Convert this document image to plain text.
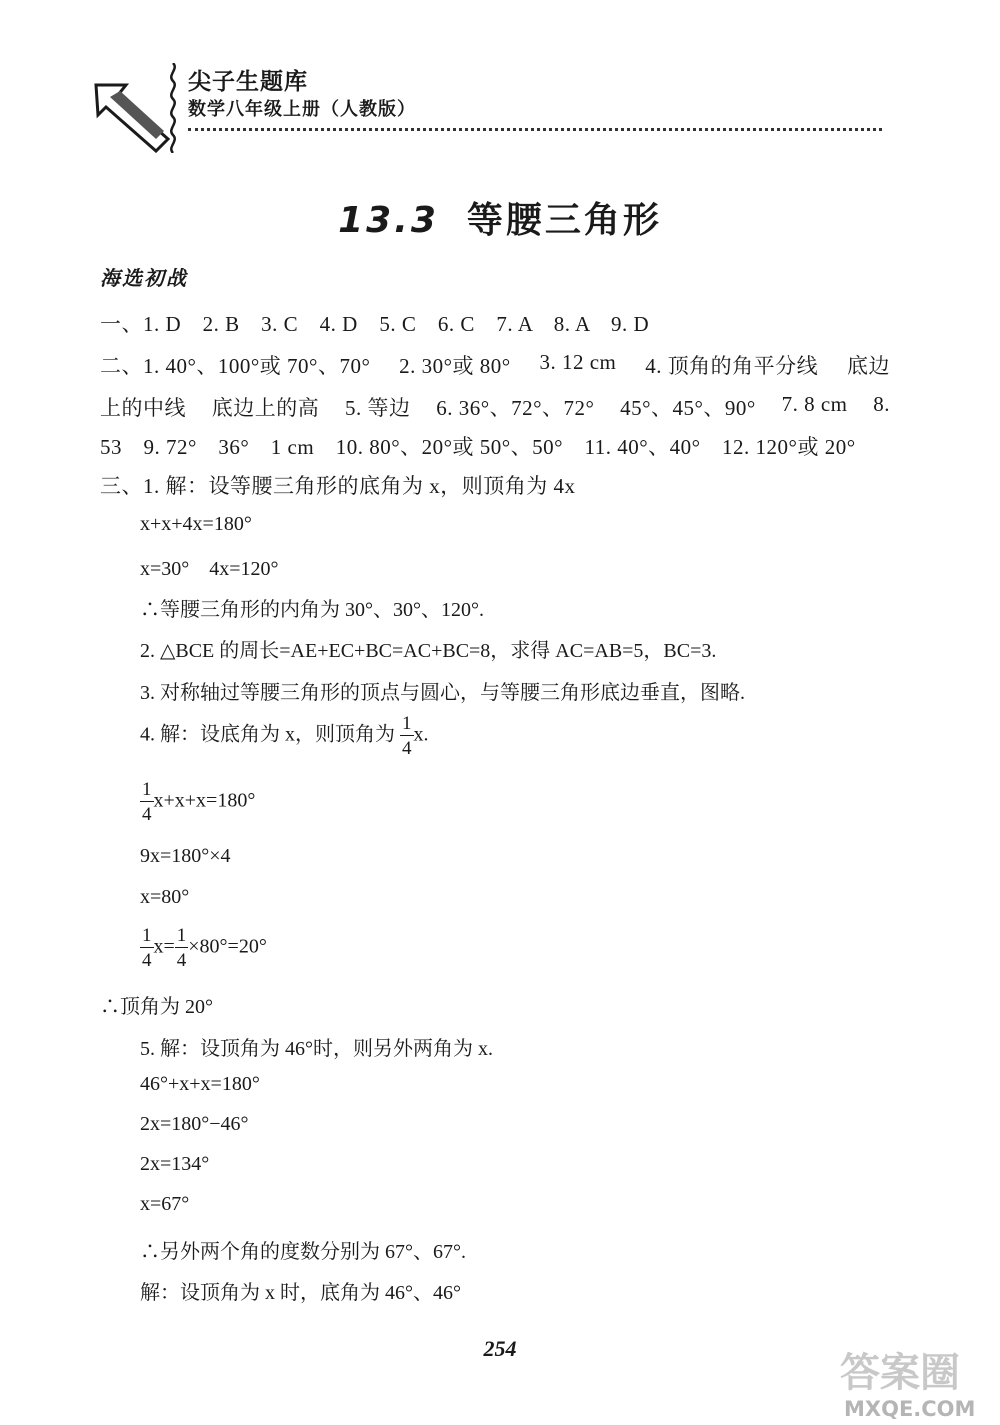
尖子生题库
数学八年级上册（人教版）
13.3 等腰三角形
海选初战
一、1. D　2. B　3. C　4. D　5. C　6. C　7. A　8. A　9. D
二、1. 40°、100°或 70°、70° 2. 30°或 80° 3. 12 cm 4. 顶角的角平分线 底边
上的中线 底边上的高 5. 等边 6. 36°、72°、72° 45°、45°、90° 7. 8 cm 8.
53　9. 72°　36°　1 cm　10. 80°、20°或 50°、50°　11. 40°、40°　12. 120°或 20°
三、1. 解：设等腰三角形的底角为 x，则顶角为 4x
x+x+4x=180°
x=30°　4x=120°
∴等腰三角形的内角为 30°、30°、120°.
2. △BCE 的周长=AE+EC+BC=AC+BC=8，求得 AC=AB=5，BC=3.
3. 对称轴过等腰三角形的顶点与圆心，与等腰三角形底边垂直，图略.
4. 解：设底角为 x，则顶角为 $\frac{1}{4} x$.
$\frac{1}{4} x+x+x=180^\circ$
9x=180°×4
x=80°
$\frac{1}{4} x= \frac{1}{4} \times 80^\circ=20^\circ$
∴顶角为 20°
5. 解：设顶角为 46°时，则另外两角为 x.
46°+x+x=180°
2x=180°−46°
2x=134°
x=67°
∴另外两个角的度数分别为 67°、67°.
解：设顶角为 x 时，底角为 46°、46°
254
答案圈
MXQE.COM
